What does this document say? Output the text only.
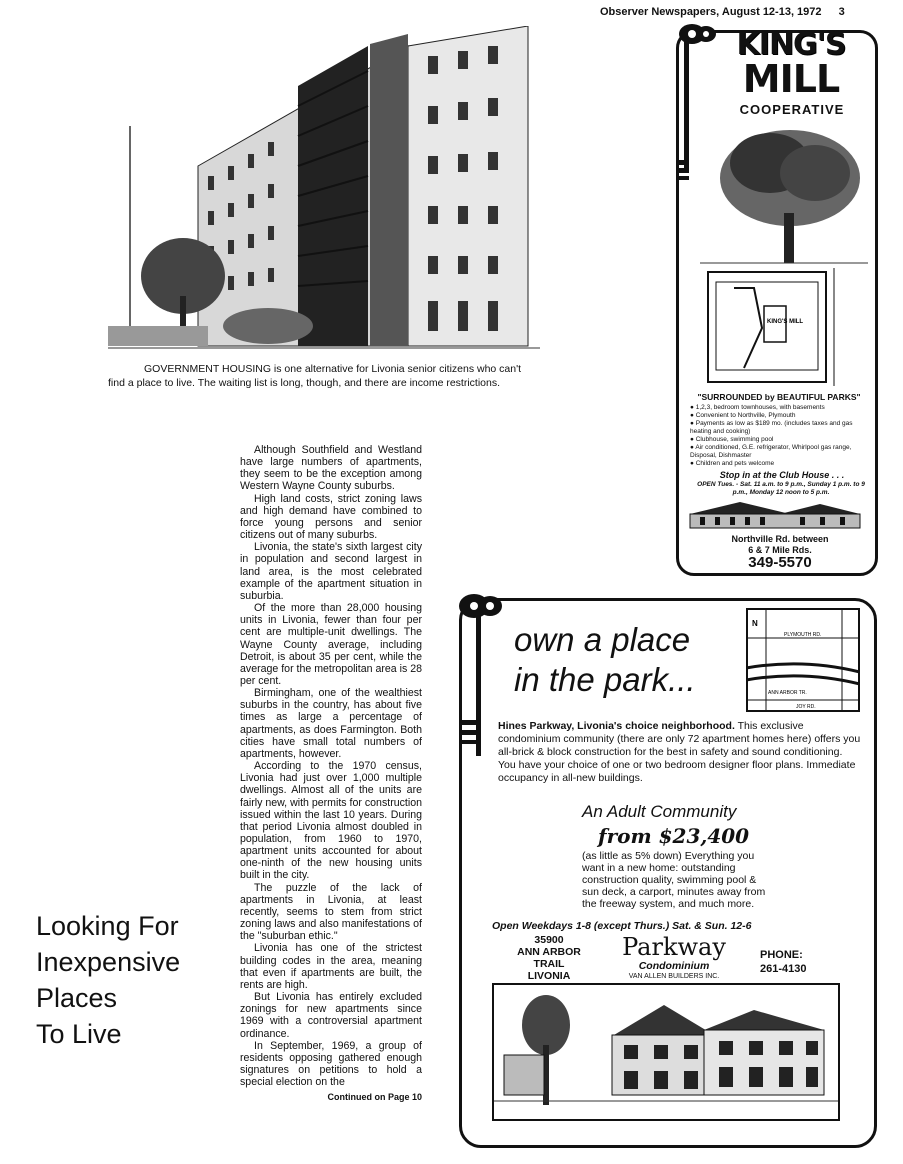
Observer Newspapers, August 12-13, 1972 3
GOVERNMENT HOUSING is one alternative for Livonia senior citizens who can't find a place to live. The waiting list is long, though, and there are income restrictions.

Although Southfield and Westland have large numbers of apartments, they seem to be the exception among Western Wayne County suburbs.

High land costs, strict zoning laws and high demand have combined to force young persons and senior citizens out of many suburbs.

Livonia, the state's sixth largest city in population and second largest in land area, is the most celebrated example of the apartment situation in suburbia.

Of the more than 28,000 housing units in Livonia, fewer than four per cent are multiple-unit dwellings. The Wayne County average, including Detroit, is about 35 per cent, while the average for the metropolitan area is 28 per cent.

Birmingham, one of the wealthiest suburbs in the country, has about five times as large a percentage of apartments, as does Farmington. Both cities have small total numbers of apartments, however.

According to the 1970 census, Livonia had just over 1,000 multiple dwellings. Almost all of the units are fairly new, with permits for construction issued within the last 10 years. During that period Livonia almost doubled in population, from 1960 to 1970, apartment units accounted for about one-ninth of the new housing units built in the city.

The puzzle of the lack of apartments in Livonia, at least recently, seems to stem from strict zoning laws and also manifestations of the "suburban ethic."

Livonia has one of the strictest building codes in the area, meaning that even if apartments are built, the rents are high.

But Livonia has entirely excluded zonings for new apartments since 1969 with a controversial apartment ordinance.

In September, 1969, a group of residents opposing gathered enough signatures on petitions to hold a special election on the

Continued on Page 10
Looking For
Inexpensive
Places
To Live
KING'S
MILL
COOPERATIVE
KING'S MILL
"SURROUNDED by BEAUTIFUL PARKS"
● 1,2,3, bedroom townhouses, with basements
● Convenient to Northville, Plymouth
● Payments as low as $189 mo. (includes taxes and gas heating and cooking)
● Clubhouse, swimming pool
● Air conditioned, G.E. refrigerator, Whirlpool gas range, Disposal, Dishmaster
● Children and pets welcome
Stop in at the Club House . . .
OPEN Tues. - Sat. 11 a.m. to 9 p.m., Sunday 1 p.m. to 9 p.m., Monday 12 noon to 5 p.m.
Northville Rd. between
6 & 7 Mile Rds.
349-5570
own a place
in the park...
N
PLYMOUTH RD.
ANN ARBOR TR.
JOY RD.
Hines Parkway, Livonia's choice neighborhood. This exclusive condominium community (there are only 72 apartment homes here) offers you all-brick & block construction for the best in safety and sound conditioning. You have your choice of one or two bedroom designer floor plans. Immediate occupancy in all-new buildings.
An Adult Community
from $23,400
(as little as 5% down) Everything you want in a new home: outstanding construction quality, swimming pool & sun deck, a carport, minutes away from the freeway system, and much more.
Open Weekdays 1-8 (except Thurs.) Sat. & Sun. 12-6
35900
ANN ARBOR
TRAIL
LIVONIA
Parkway
Condominium
VAN ALLEN BUILDERS INC.
PHONE:
261-4130
